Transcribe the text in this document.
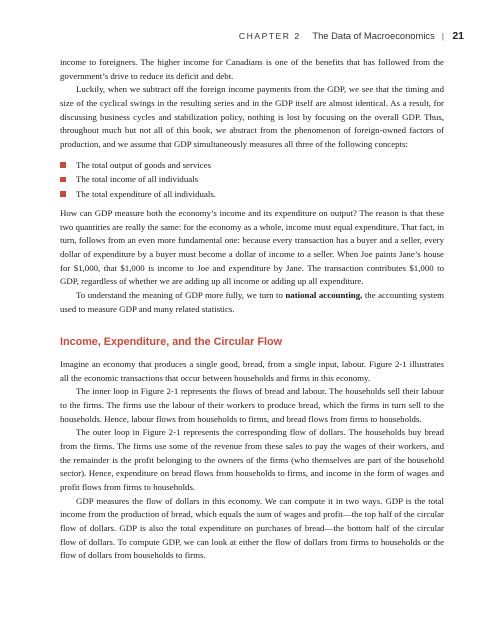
CHAPTER 2 The Data of Macroeconomics | 21

income to foreigners. The higher income for Canadians is one of the benefits that has followed from the government’s drive to reduce its deficit and debt.

Luckily, when we subtract off the foreign income payments from the GDP, we see that the timing and size of the cyclical swings in the resulting series and in the GDP itself are almost identical. As a result, for discussing business cycles and stabilization policy, nothing is lost by focusing on the overall GDP. Thus, throughout much but not all of this book, we abstract from the phenomenon of foreign-owned factors of production, and we assume that GDP simultaneously measures all three of the following concepts:

The total output of goods and services
The total income of all individuals
The total expenditure of all individuals.

How can GDP measure both the economy’s income and its expenditure on output? The reason is that these two quantities are really the same: for the economy as a whole, income must equal expenditure. That fact, in turn, follows from an even more fundamental one: because every transaction has a buyer and a seller, every dollar of expenditure by a buyer must become a dollar of income to a seller. When Joe paints Jane’s house for $1,000, that $1,000 is income to Joe and expenditure by Jane. The transaction contributes $1,000 to GDP, regardless of whether we are adding up all income or adding up all expenditure.

To understand the meaning of GDP more fully, we turn to national accounting, the accounting system used to measure GDP and many related statistics.

Income, Expenditure, and the Circular Flow

Imagine an economy that produces a single good, bread, from a single input, labour. Figure 2-1 illustrates all the economic transactions that occur between households and firms in this economy.

The inner loop in Figure 2-1 represents the flows of bread and labour. The households sell their labour to the firms. The firms use the labour of their workers to produce bread, which the firms in turn sell to the households. Hence, labour flows from households to firms, and bread flows from firms to households.

The outer loop in Figure 2-1 represents the corresponding flow of dollars. The households buy bread from the firms. The firms use some of the revenue from these sales to pay the wages of their workers, and the remainder is the profit belonging to the owners of the firms (who themselves are part of the household sector). Hence, expenditure on bread flows from households to firms, and income in the form of wages and profit flows from firms to households.

GDP measures the flow of dollars in this economy. We can compute it in two ways. GDP is the total income from the production of bread, which equals the sum of wages and profit—the top half of the circular flow of dollars. GDP is also the total expenditure on purchases of bread—the bottom half of the circular flow of dollars. To compute GDP, we can look at either the flow of dollars from firms to households or the flow of dollars from households to firms.
